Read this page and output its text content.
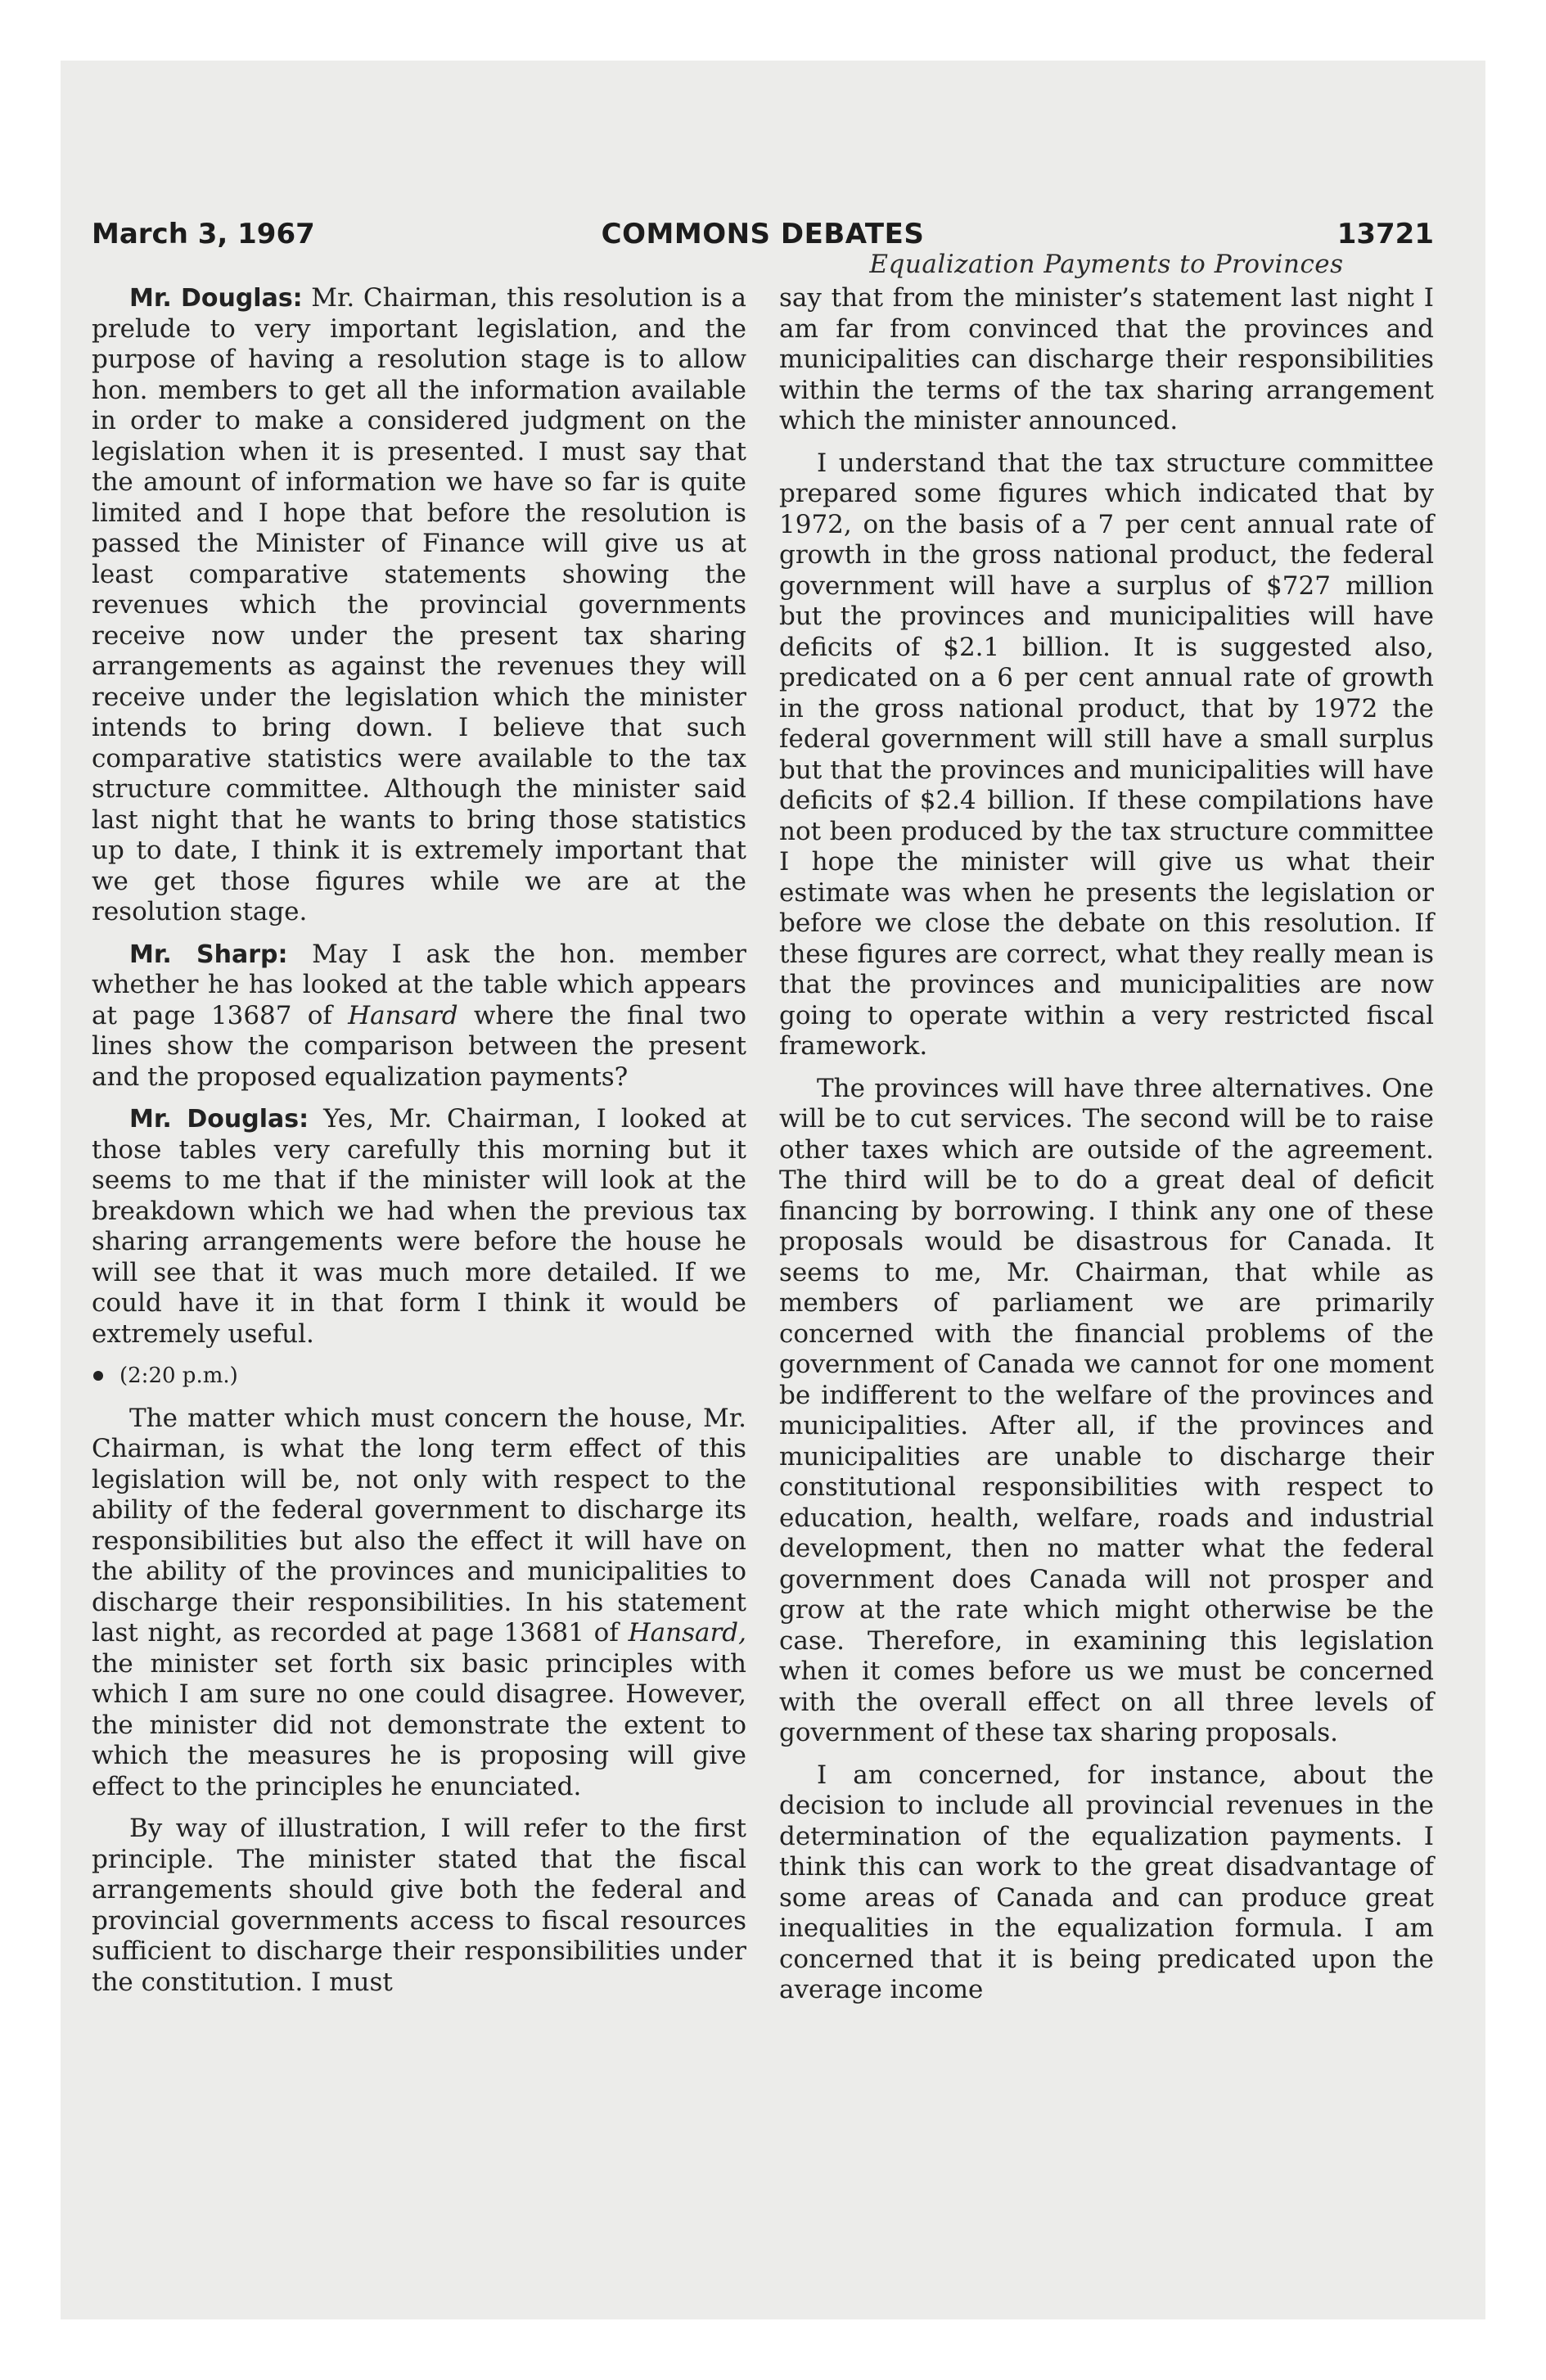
March 3, 1967	COMMONS DEBATES	13721
Equalization Payments to Provinces

Mr. Douglas: Mr. Chairman, this resolution is a prelude to very important legislation, and the purpose of having a resolution stage is to allow hon. members to get all the information available in order to make a considered judgment on the legislation when it is presented. I must say that the amount of information we have so far is quite limited and I hope that before the resolution is passed the Minister of Finance will give us at least comparative statements showing the revenues which the provincial governments receive now under the present tax sharing arrangements as against the revenues they will receive under the legislation which the minister intends to bring down. I believe that such comparative statistics were available to the tax structure committee. Although the minister said last night that he wants to bring those statistics up to date, I think it is extremely important that we get those figures while we are at the resolution stage.

Mr. Sharp: May I ask the hon. member whether he has looked at the table which appears at page 13687 of Hansard where the final two lines show the comparison between the present and the proposed equalization payments?

Mr. Douglas: Yes, Mr. Chairman, I looked at those tables very carefully this morning but it seems to me that if the minister will look at the breakdown which we had when the previous tax sharing arrangements were before the house he will see that it was much more detailed. If we could have it in that form I think it would be extremely useful.

(2:20 p.m.)

The matter which must concern the house, Mr. Chairman, is what the long term effect of this legislation will be, not only with respect to the ability of the federal government to discharge its responsibilities but also the effect it will have on the ability of the provinces and municipalities to discharge their responsibilities. In his statement last night, as recorded at page 13681 of Hansard, the minister set forth six basic principles with which I am sure no one could disagree. However, the minister did not demonstrate the extent to which the measures he is proposing will give effect to the principles he enunciated.

By way of illustration, I will refer to the first principle. The minister stated that the fiscal arrangements should give both the federal and provincial governments access to fiscal resources sufficient to discharge their responsibilities under the constitution. I must

say that from the minister’s statement last night I am far from convinced that the provinces and municipalities can discharge their responsibilities within the terms of the tax sharing arrangement which the minister announced.

I understand that the tax structure committee prepared some figures which indicated that by 1972, on the basis of a 7 per cent annual rate of growth in the gross national product, the federal government will have a surplus of $727 million but the provinces and municipalities will have deficits of $2.1 billion. It is suggested also, predicated on a 6 per cent annual rate of growth in the gross national product, that by 1972 the federal government will still have a small surplus but that the provinces and municipalities will have deficits of $2.4 billion. If these compilations have not been produced by the tax structure committee I hope the minister will give us what their estimate was when he presents the legislation or before we close the debate on this resolution. If these figures are correct, what they really mean is that the provinces and municipalities are now going to operate within a very restricted fiscal framework.

The provinces will have three alternatives. One will be to cut services. The second will be to raise other taxes which are outside of the agreement. The third will be to do a great deal of deficit financing by borrowing. I think any one of these proposals would be disastrous for Canada. It seems to me, Mr. Chairman, that while as members of parliament we are primarily concerned with the financial problems of the government of Canada we cannot for one moment be indifferent to the welfare of the provinces and municipalities. After all, if the provinces and municipalities are unable to discharge their constitutional responsibilities with respect to education, health, welfare, roads and industrial development, then no matter what the federal government does Canada will not prosper and grow at the rate which might otherwise be the case. Therefore, in examining this legislation when it comes before us we must be concerned with the overall effect on all three levels of government of these tax sharing proposals.

I am concerned, for instance, about the decision to include all provincial revenues in the determination of the equalization payments. I think this can work to the great disadvantage of some areas of Canada and can produce great inequalities in the equalization formula. I am concerned that it is being predicated upon the average income
